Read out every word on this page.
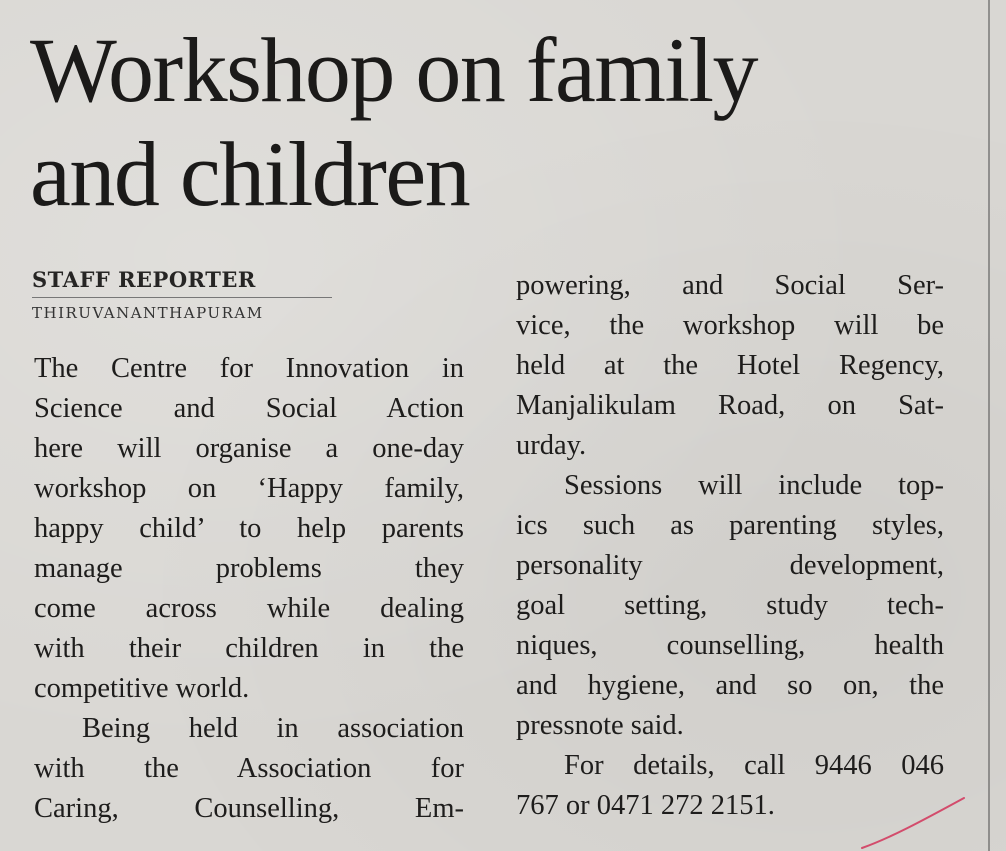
Workshop on family
and children
STAFF REPORTER
THIRUVANANTHAPURAM
The Centre for Innovation in
Science and Social Action
here will organise a one-day
workshop on ‘Happy family,
happy child’ to help parents
manage problems they
come across while dealing
with their children in the
competitive world.
Being held in association
with the Association for
Caring, Counselling, Em-
powering, and Social Ser-
vice, the workshop will be
held at the Hotel Regency,
Manjalikulam Road, on Sat-
urday.
Sessions will include top-
ics such as parenting styles,
personality development,
goal setting, study tech-
niques, counselling, health
and hygiene, and so on, the
pressnote said.
For details, call 9446 046
767 or 0471 272 2151.
